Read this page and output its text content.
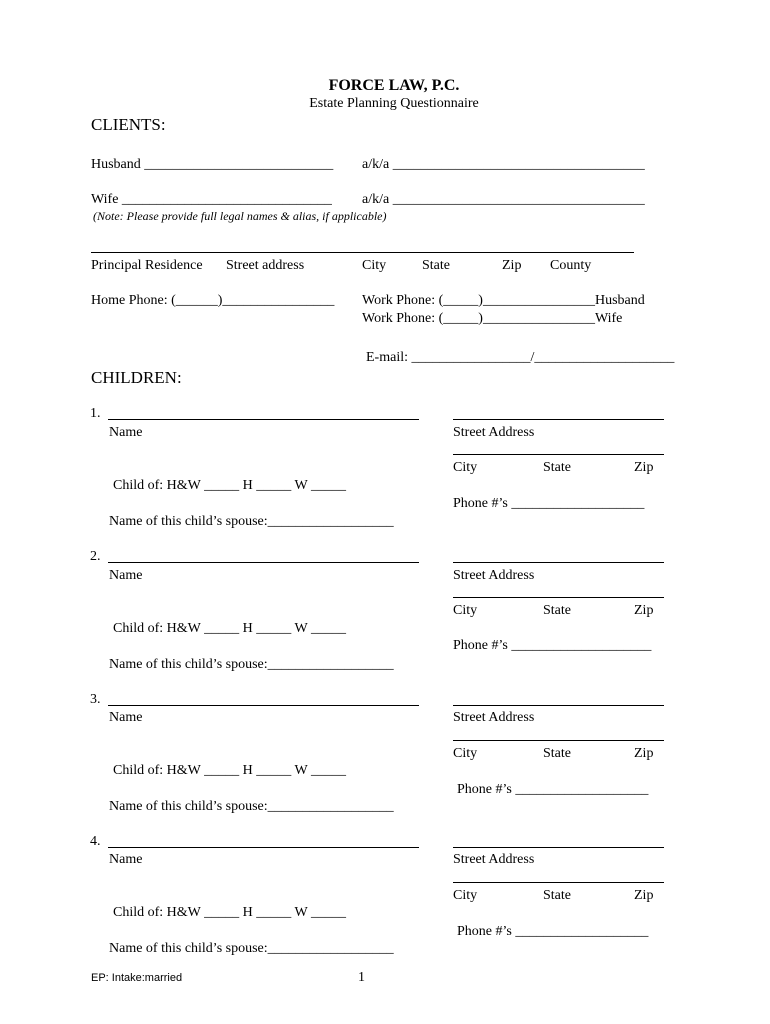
FORCE LAW, P.C.
Estate Planning Questionnaire
CLIENTS:
Husband ___________________________ a/k/a ____________________________________
Wife ______________________________ a/k/a ____________________________________
(Note: Please provide full legal names & alias, if applicable)
Principal Residence Street address	City	State	Zip County
Home Phone: (______)________________ Work Phone: (_____)________________Husband
Work Phone: (_____)________________Wife
E-mail: _________________/____________________
CHILDREN:
1.
Name
Child of: H&W _____ H _____ W _____
Name of this child’s spouse:__________________
Street Address
City	State	Zip
Phone #’s ___________________
2.
Name
Child of: H&W _____ H _____ W _____
Name of this child’s spouse:__________________
Street Address
City	State	Zip
Phone #’s ____________________
3.
Name
Child of: H&W _____ H _____ W _____
Name of this child’s spouse:__________________
Street Address
City	State	Zip
Phone #’s ___________________
4.
Name
Child of: H&W _____ H _____ W _____
Name of this child’s spouse:__________________
Street Address
City	State	Zip
Phone #’s ___________________
EP: Intake:married	1
